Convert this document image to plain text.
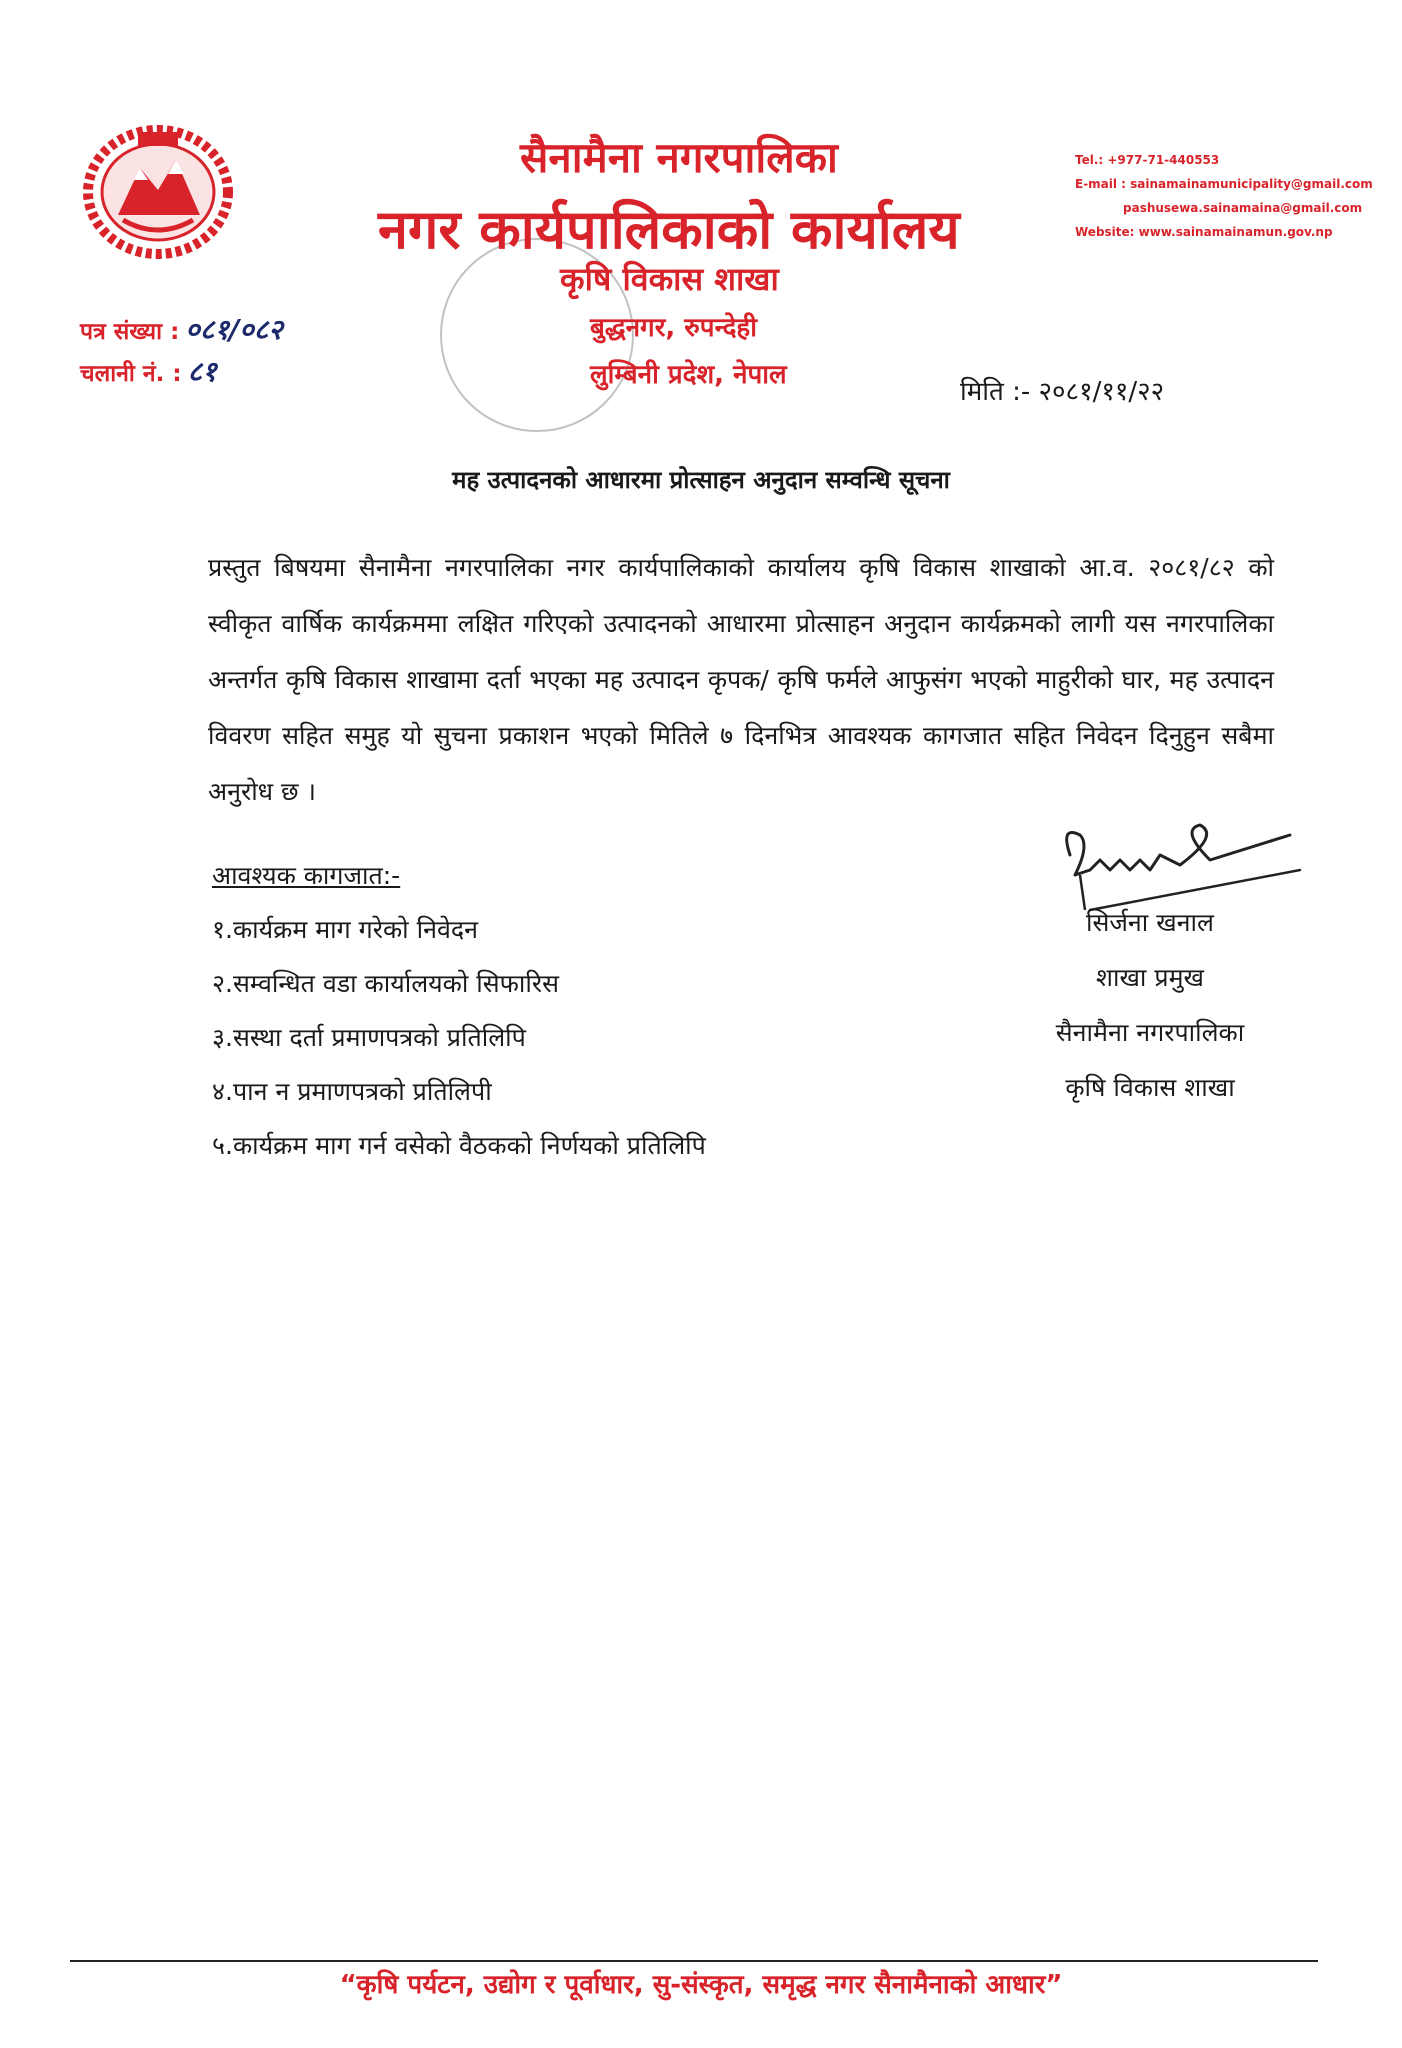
सैनामैना नगरपालिका
नगर कार्यपालिकाको कार्यालय
कृषि विकास शाखा
बुद्धनगर, रुपन्देही
लुम्बिनी प्रदेश, नेपाल
Tel.: +977-71-440553
E-mail : sainamainamunicipality@gmail.com
pashusewa.sainamaina@gmail.com
Website: www.sainamainamun.gov.np
पत्र संख्या : ०८१/०८२
चलानी नं. : ८१
मिति :- २०८१/११/२२
मह उत्पादनको आधारमा प्रोत्साहन अनुदान सम्वन्धि सूचना
प्रस्तुत बिषयमा सैनामैना नगरपालिका नगर कार्यपालिकाको कार्यालय कृषि विकास शाखाको आ.व. २०८१/८२ को स्वीकृत वार्षिक कार्यक्रममा लक्षित गरिएको उत्पादनको आधारमा प्रोत्साहन अनुदान कार्यक्रमको लागी यस नगरपालिका अन्तर्गत कृषि विकास शाखामा दर्ता भएका मह उत्पादन कृपक/ कृषि फर्मले आफुसंग भएको माहुरीको घार, मह उत्पादन विवरण सहित समुह यो सुचना प्रकाशन भएको मितिले ७ दिनभित्र आवश्यक कागजात सहित निवेदन दिनुहुन सबैमा अनुरोध छ ।
आवश्यक कागजात:-
१.कार्यक्रम माग गरेको निवेदन
२.सम्वन्धित वडा कार्यालयको सिफारिस
३.सस्था दर्ता प्रमाणपत्रको प्रतिलिपि
४.पान न प्रमाणपत्रको प्रतिलिपी
५.कार्यक्रम माग गर्न वसेको वैठकको निर्णयको प्रतिलिपि
सिर्जना खनाल
शाखा प्रमुख
सैनामैना नगरपालिका
कृषि विकास शाखा
“कृषि पर्यटन, उद्योग र पूर्वाधार, सु-संस्कृत, समृद्ध नगर सैनामैनाको आधार”
